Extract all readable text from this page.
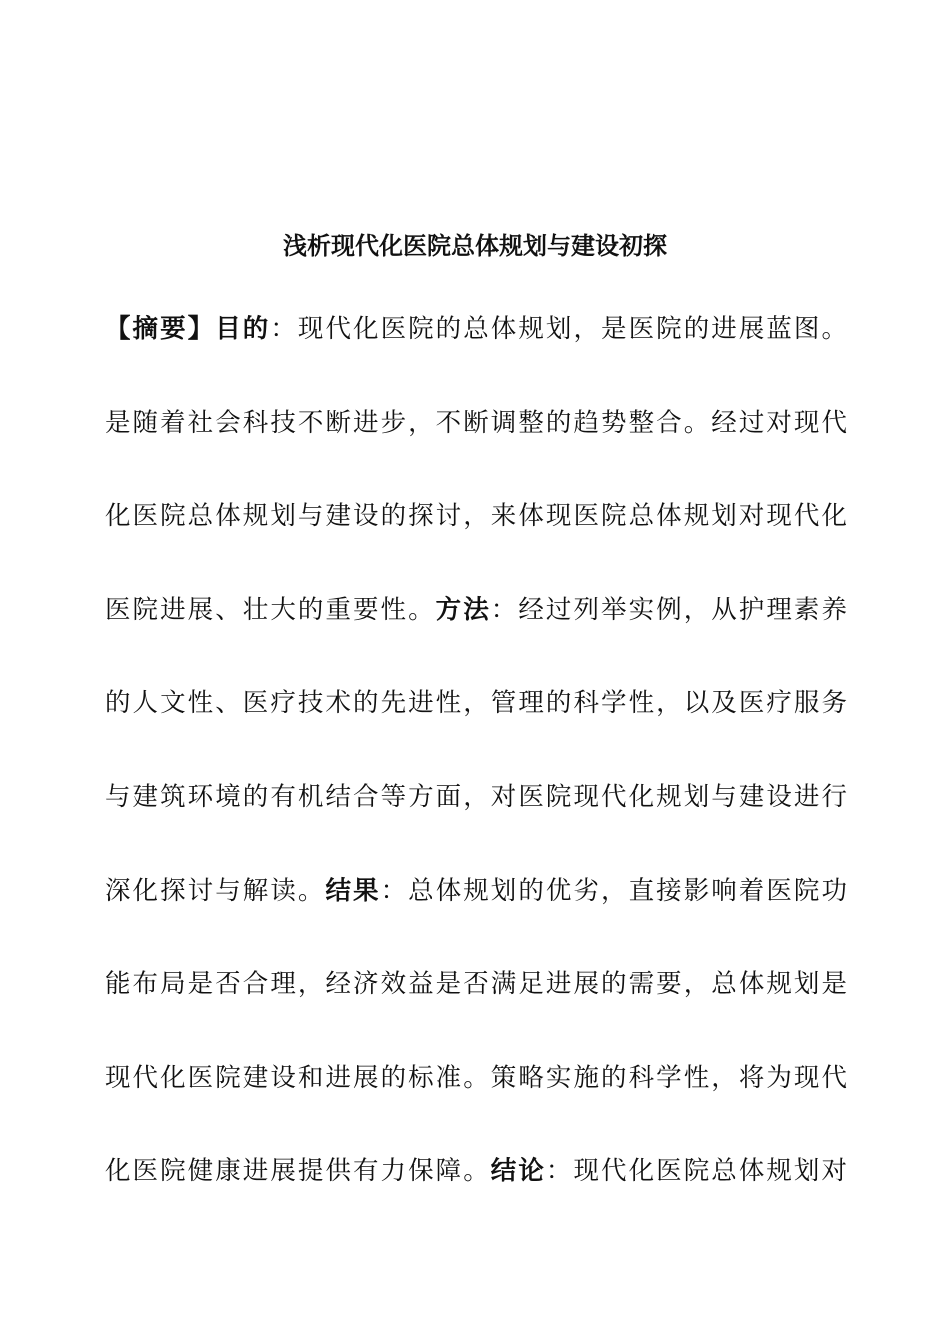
浅析现代化医院总体规划与建设初探
【摘要】目的：现代化医院的总体规划，是医院的进展蓝图。
是随着社会科技不断进步，不断调整的趋势整合。经过对现代
化医院总体规划与建设的探讨，来体现医院总体规划对现代化
医院进展、壮大的重要性。方法：经过列举实例，从护理素养
的人文性、医疗技术的先进性，管理的科学性，以及医疗服务
与建筑环境的有机结合等方面，对医院现代化规划与建设进行
深化探讨与解读。结果：总体规划的优劣，直接影响着医院功
能布局是否合理，经济效益是否满足进展的需要，总体规划是
现代化医院建设和进展的标准。策略实施的科学性，将为现代
化医院健康进展提供有力保障。结论：现代化医院总体规划对
